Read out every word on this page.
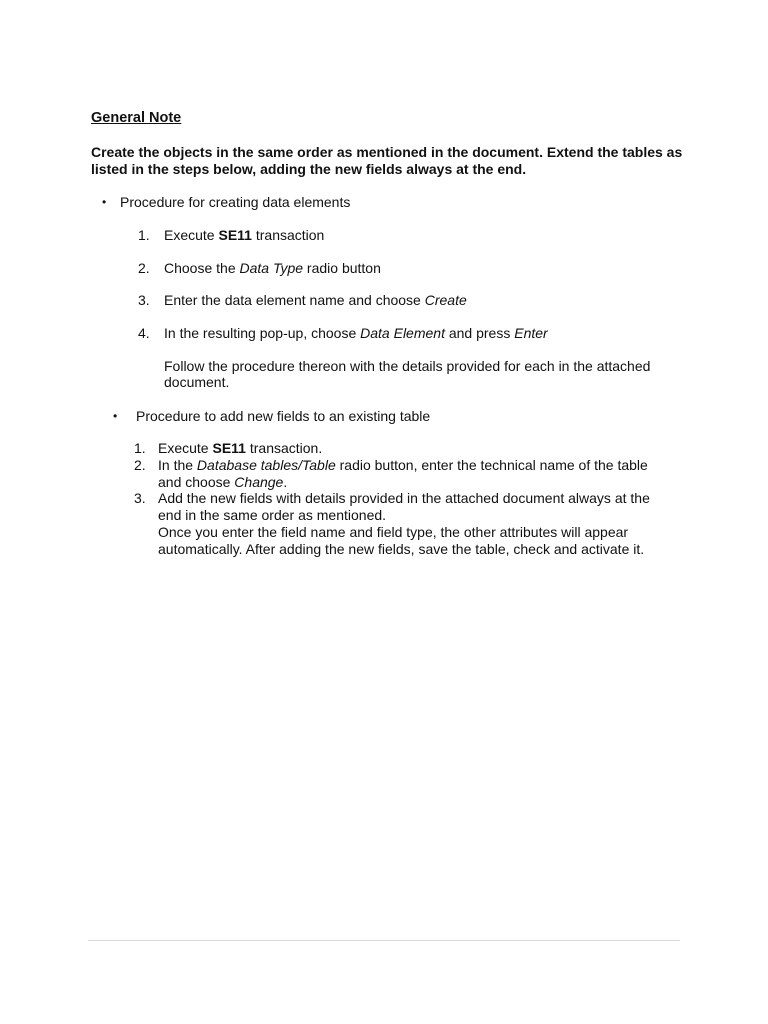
General Note
Create the objects in the same order as mentioned in the document. Extend the tables as listed in the steps below, adding the new fields always at the end.
• Procedure for creating data elements
1.	Execute SE11 transaction
2.	Choose the Data Type radio button
3.	Enter the data element name and choose Create
4.	In the resulting pop-up, choose Data Element and press Enter
Follow the procedure thereon with the details provided for each in the attached document.
•	Procedure to add new fields to an existing table
1. Execute SE11 transaction.
2. In the Database tables/Table radio button, enter the technical name of the table and choose Change.
3. Add the new fields with details provided in the attached document always at the end in the same order as mentioned.
Once you enter the field name and field type, the other attributes will appear automatically. After adding the new fields, save the table, check and activate it.
